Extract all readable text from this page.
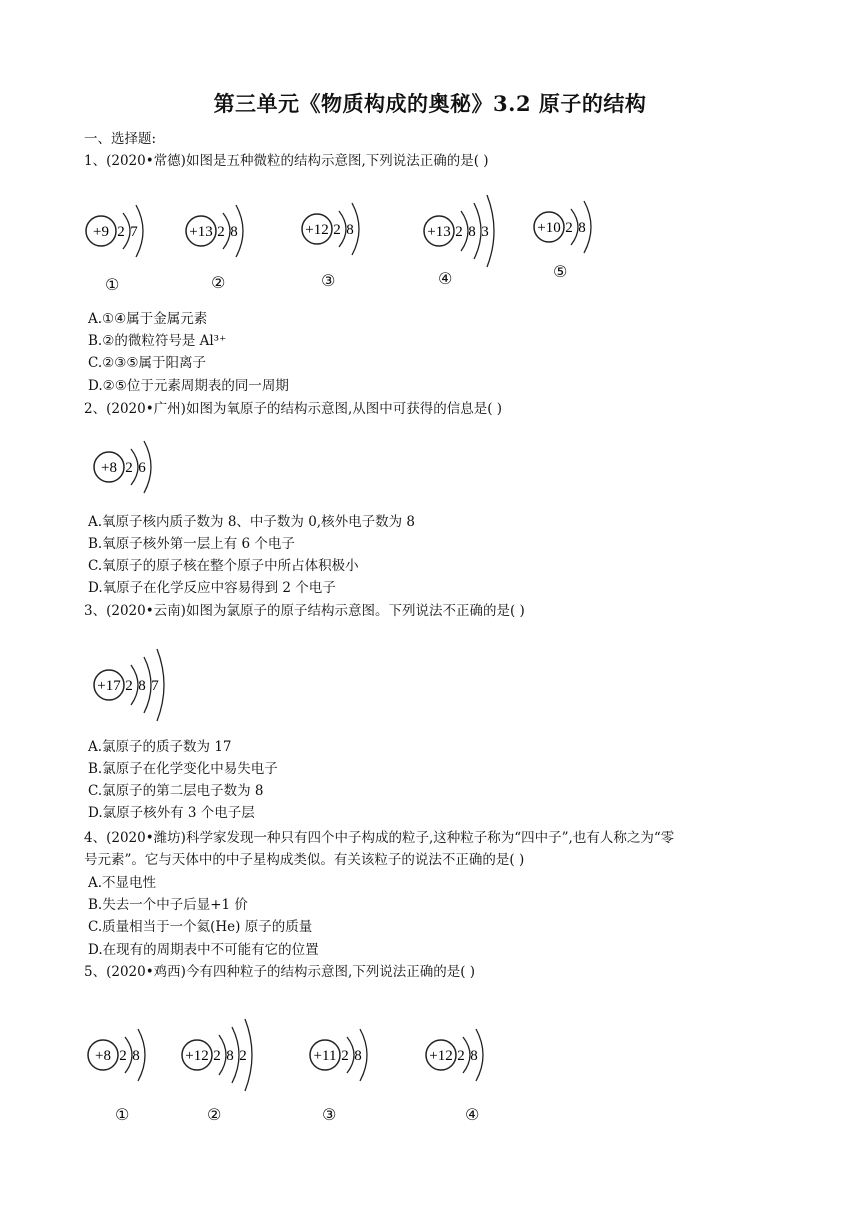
第三单元《物质构成的奥秘》3.2 原子的结构
一、选择题:
1、(2020•常德)如图是五种微粒的结构示意图,下列说法正确的是( )
+9 2 7	+13 2 8	+12 2 8	+13 2 8 3	+10 2 8
①	②	③	④	⑤
A.①④属于金属元素
B.②的微粒符号是 Al³⁺
C.②③⑤属于阳离子
D.②⑤位于元素周期表的同一周期
2、(2020•广州)如图为氧原子的结构示意图,从图中可获得的信息是( )
+8 2 6
A.氧原子核内质子数为 8、中子数为 0,核外电子数为 8
B.氧原子核外第一层上有 6 个电子
C.氧原子的原子核在整个原子中所占体积极小
D.氧原子在化学反应中容易得到 2 个电子
3、(2020•云南)如图为氯原子的原子结构示意图。下列说法不正确的是( )
+17 2 8 7
A.氯原子的质子数为 17
B.氯原子在化学变化中易失电子
C.氯原子的第二层电子数为 8
D.氯原子核外有 3 个电子层
4、(2020•潍坊)科学家发现一种只有四个中子构成的粒子,这种粒子称为“四中子”,也有人称之为“零
号元素”。它与天体中的中子星构成类似。有关该粒子的说法不正确的是( )
A.不显电性
B.失去一个中子后显+1 价
C.质量相当于一个氦(He) 原子的质量
D.在现有的周期表中不可能有它的位置
5、(2020•鸡西)今有四种粒子的结构示意图,下列说法正确的是( )
+8 2 8	+12 2 8 2	+11 2 8	+12 2 8
①	②	③	④
